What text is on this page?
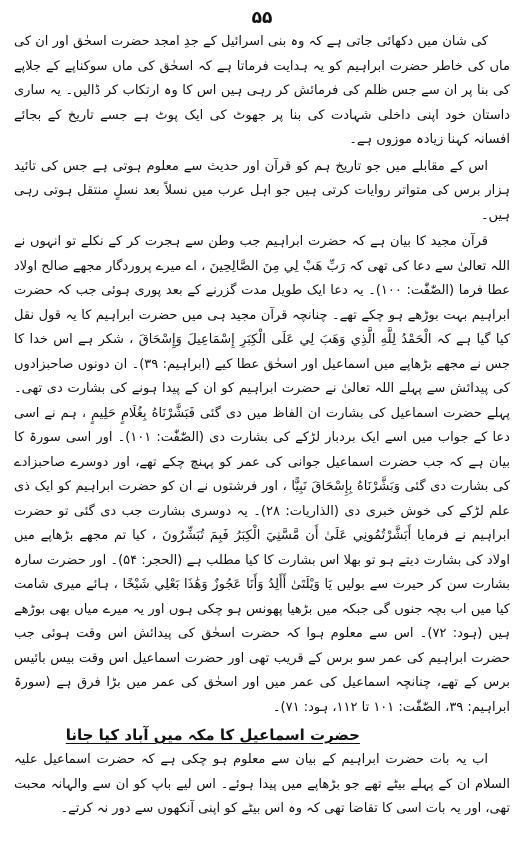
۵۵

کی شان میں دکھائی جاتی ہے کہ وہ بنی اسرائیل کے جدِ امجد حضرت اسحٰق اور ان کی ماں کی خاطر حضرت ابراہیم کو یہ ہدایت فرماتا ہے کہ اسحٰق کی ماں سوکناپے کے جلاپے کی بنا پر ان سے جس ظلم کی فرمائش کر رہی ہیں اس کا وہ ارتکاب کر ڈالیں۔ یہ ساری داستان خود اپنی داخلی شہادت کی بنا پر جھوٹ کی ایک پوٹ ہے جسے تاریخ کے بجائے افسانہ کہنا زیادہ موزوں ہے۔

اس کے مقابلے میں جو تاریخ ہم کو قرآن اور حدیث سے معلوم ہوتی ہے جس کی تائید ہزار برس کی متواتر روایات کرتی ہیں جو اہل عرب میں نسلاً بعد نسلٍ منتقل ہوتی رہی ہیں۔

قرآن مجید کا بیان ہے کہ حضرت ابراہیم جب وطن سے ہجرت کر کے نکلے تو انہوں نے اللہ تعالیٰ سے دعا کی تھی کہ رَبِّ هَبْ لِي مِنَ الصَّالِحِينَ ، اے میرے پروردگار مجھے صالح اولاد عطا فرما (الصّٰفّٰت: ۱۰۰)۔ یہ دعا ایک طویل مدت گزرنے کے بعد پوری ہوئی جب کہ حضرت ابراہیم بہت بوڑھے ہو چکے تھے۔ چنانچہ قرآن مجید ہی میں حضرت ابراہیم کا یہ قول نقل کیا گیا ہے کہ الْحَمْدُ لِلَّهِ الَّذِي وَهَبَ لِي عَلَى الْكِبَرِ إِسْمَاعِيلَ وَإِسْحَاقَ ، شکر ہے اس خدا کا جس نے مجھے بڑھاپے میں اسماعیل اور اسحٰق عطا کیے (ابراہیم: ۳۹)۔ ان دونوں صاحبزادوں کی پیدائش سے پہلے اللہ تعالیٰ نے حضرت ابراہیم کو ان کے پیدا ہونے کی بشارت دی تھی۔ پہلے حضرت اسماعیل کی بشارت ان الفاظ میں دی گئی فَبَشَّرْنَاهُ بِغُلَامٍ حَلِيمٍ ، ہم نے اسی دعا کے جواب میں اسے ایک بردبار لڑکے کی بشارت دی (الصّٰفّٰت: ۱۰۱)۔ اور اسی سورۃ کا بیان ہے کہ جب حضرت اسماعیل جوانی کی عمر کو پہنچ چکے تھے، اور دوسرے صاحبزادے کی بشارت دی گئی وَبَشَّرْنَاهُ بِإِسْحَاقَ نَبِيًّا ، اور فرشتوں نے ان کو حضرت ابراہیم کو ایک ذی علم لڑکے کی خوش خبری دی (الذاریات: ۲۸)۔ یہ دوسری بشارت جب دی گئی تو حضرت ابراہیم نے فرمایا أَبَشَّرْتُمُونِي عَلَىٰ أَن مَّسَّنِيَ الْكِبَرُ فَبِمَ تُبَشِّرُونَ ، کیا تم مجھے بڑھاپے میں اولاد کی بشارت دیتے ہو تو بھلا اس بشارت کا کیا مطلب ہے (الحجر: ۵۴)۔ اور حضرت سارہ بشارت سن کر حیرت سے بولیں یَا وَيْلَتَىٰ أَأَلِدُ وَأَنَا عَجُوزٌ وَهَٰذَا بَعْلِي شَيْخًا ، ہائے میری شامت کیا میں اب بچہ جنوں گی جبکہ میں بڑھیا پھونس ہو چکی ہوں اور یہ میرے میاں بھی بوڑھے ہیں (ہود: ۷۲)۔ اس سے معلوم ہوا کہ حضرت اسحٰق کی پیدائش اس وقت ہوئی جب حضرت ابراہیم کی عمر سو برس کے قریب تھی اور حضرت اسماعیل اس وقت بیس بائیس برس کے تھے، چنانچہ اسماعیل کی عمر میں اور اسحٰق کی عمر میں بڑا فرق ہے (سورۃ ابراہیم: ۳۹، الصّٰفّٰت: ۱۰۱ تا ۱۱۲، ہود: ۷۱)۔

حضرت اسماعیل کا مکہ میں آباد کیا جانا

اب یہ بات حضرت ابراہیم کے بیان سے معلوم ہو چکی ہے کہ حضرت اسماعیل علیہ السلام ان کے پہلے بیٹے تھے جو بڑھاپے میں پیدا ہوئے۔ اس لیے باپ کو ان سے والہانہ محبت تھی، اور یہ بات اسی کا تقاضا تھی کہ وہ اس بیٹے کو اپنی آنکھوں سے دور نہ کرتے۔
